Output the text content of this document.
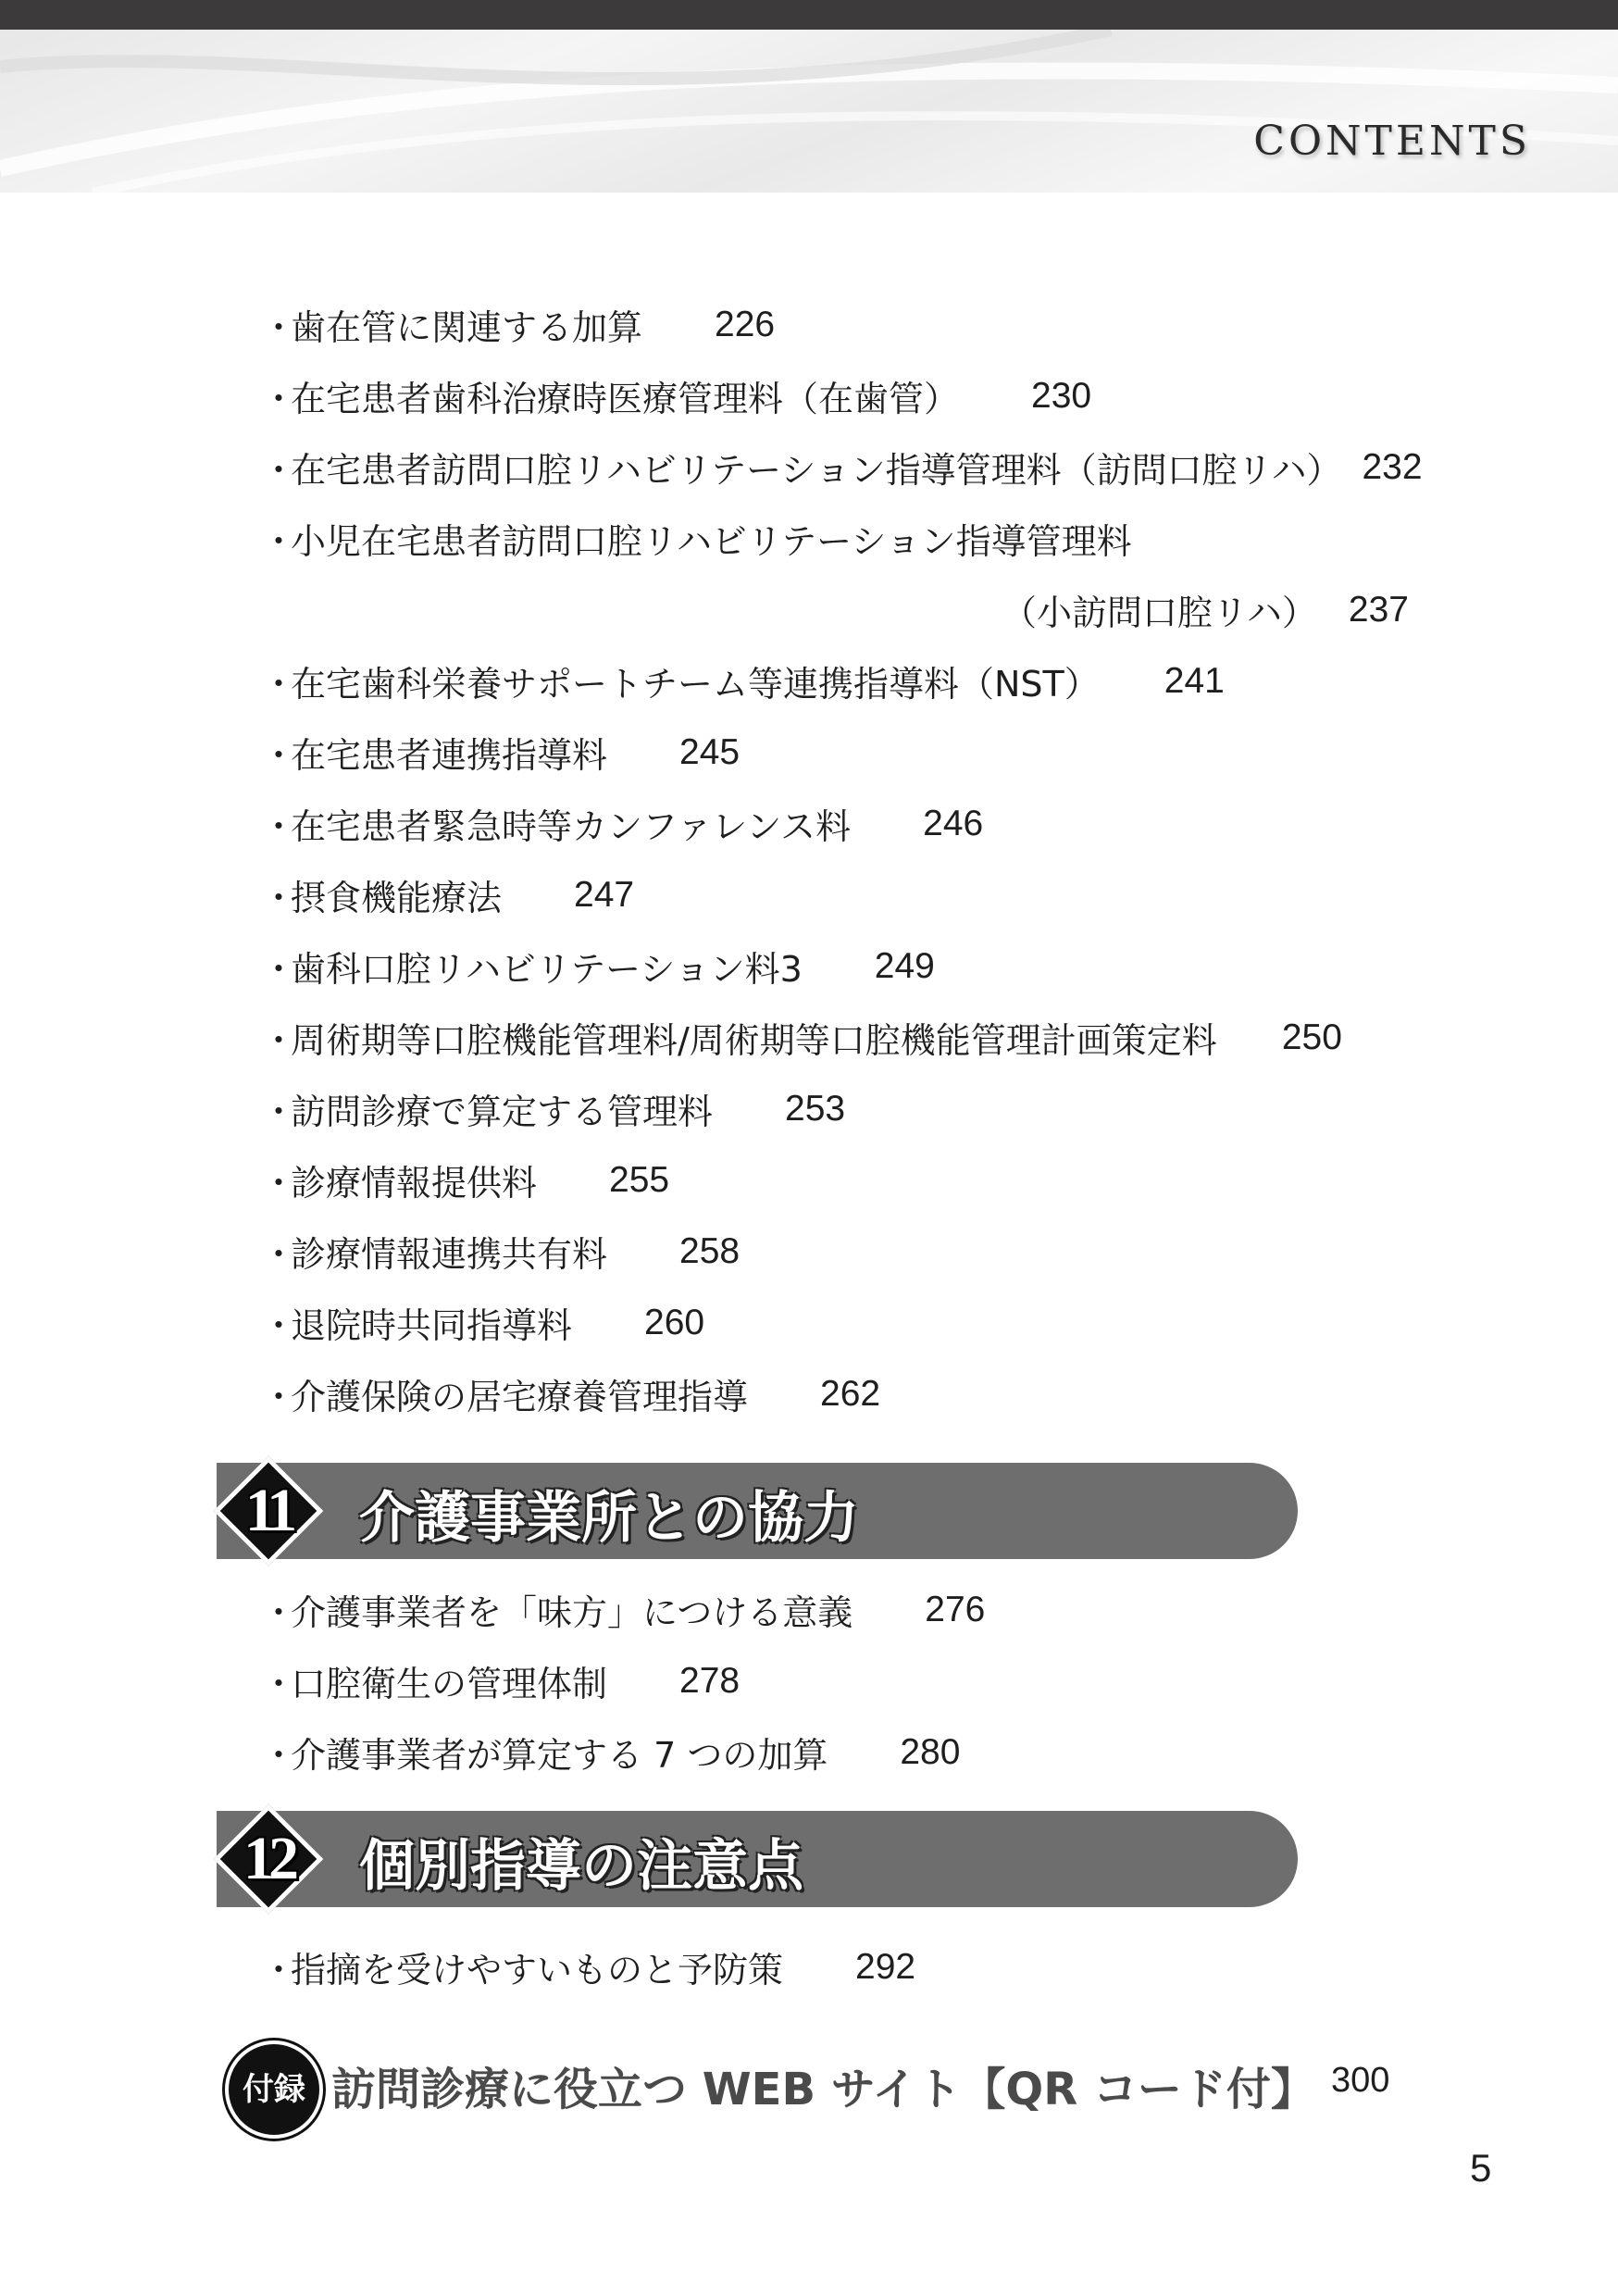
CONTENTS
・
歯在管に関連する加算 226
・
在宅患者歯科治療時医療管理料（在歯管） 230
・
在宅患者訪問口腔リハビリテーション指導管理料（訪問口腔リハ） 232
・
小児在宅患者訪問口腔リハビリテーション指導管理料
（小訪問口腔リハ） 237
・
在宅歯科栄養サポートチーム等連携指導料（NST） 241
・
在宅患者連携指導料 245
・
在宅患者緊急時等カンファレンス料 246
・
摂食機能療法 247
・
歯科口腔リハビリテーション料3 249
・
周術期等口腔機能管理料/周術期等口腔機能管理計画策定料 250
・
訪問診療で算定する管理料 253
・
診療情報提供料 255
・
診療情報連携共有料 258
・
退院時共同指導料 260
・
介護保険の居宅療養管理指導 262
11	介護事業所との協力
・
介護事業者を「味方」につける意義 276
・
口腔衛生の管理体制 278
・
介護事業者が算定する 7 つの加算 280
12	個別指導の注意点
・
指摘を受けやすいものと予防策 292
付録 訪問診療に役立つ WEB サイト【QR コード付】 300
5
